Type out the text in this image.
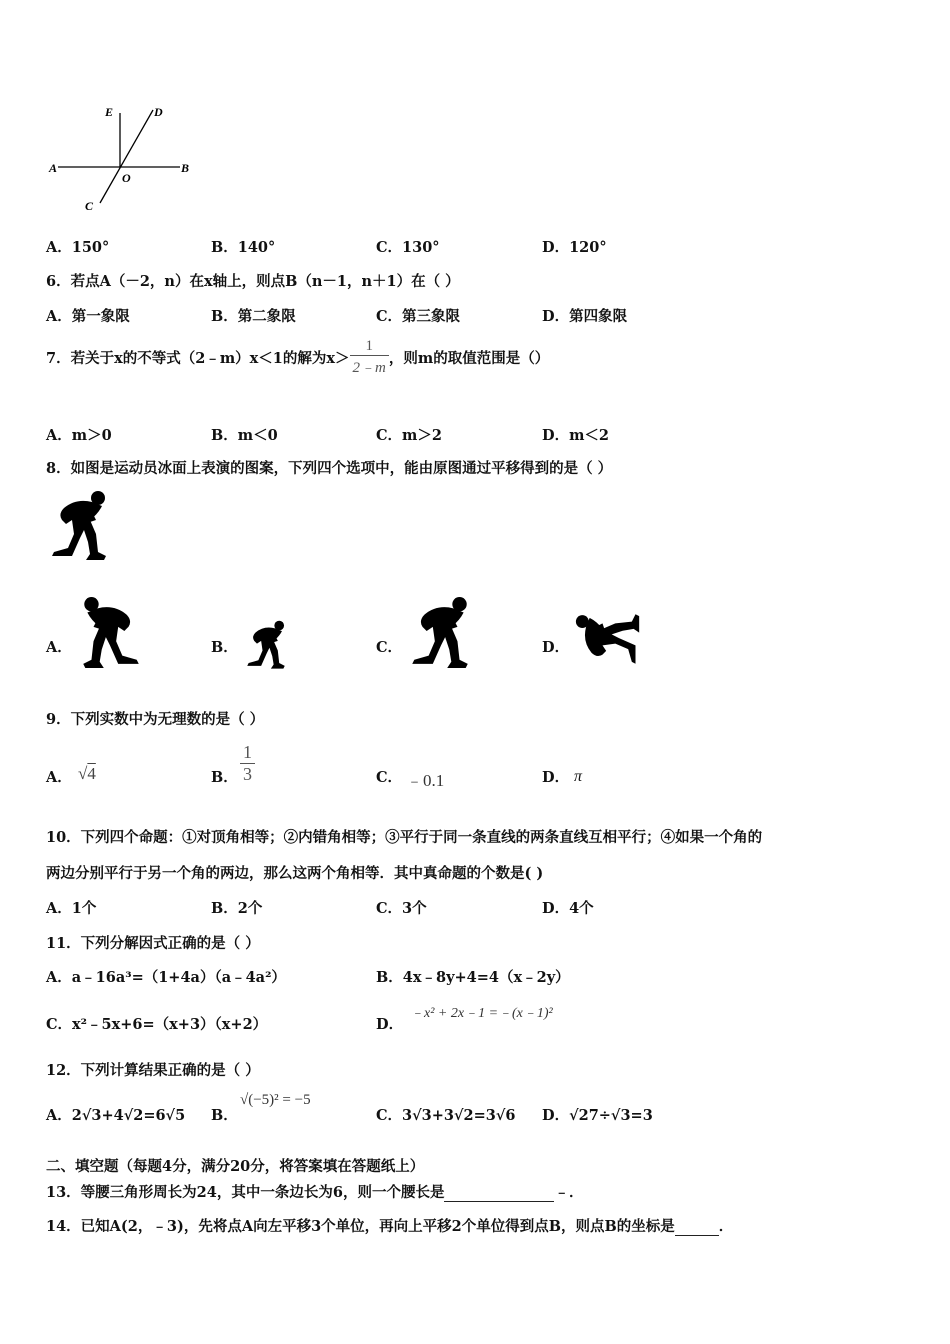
A	B
C
D
E
O
A．150°	B．140°	C．130°	D．120°
6．若点A（－2，n）在x轴上，则点B（n－1，n＋1）在（ ）
A．第一象限	B．第二象限	C．第三象限	D．第四象限
7．若关于x的不等式（2﹣m）x＜1的解为$x> \frac{1}{2﹣m}$ ，则m的取值范围是（）
A．m＞0	B．m＜0	C．m＞2	D．m＜2
8．如图是运动员冰面上表演的图案，下列四个选项中，能由原图通过平移得到的是（ ）
A．	B．	C．	D．
9．下列实数中为无理数的是（ ）
A． √4	B． $\frac{1}{3}$	C． ﹣0.1	D． π
10．下列四个命题：①对顶角相等；②内错角相等；③平行于同一条直线的两条直线互相平行；④如果一个角的
两边分别平行于另一个角的两边，那么这两个角相等．其中真命题的个数是( )
A．1个	B．2个	C．3个	D．4个
11．下列分解因式正确的是（ ）
A．a﹣16a³=（1+4a）（a﹣4a²）	B．4x﹣8y+4=4（x﹣2y）
C．x²﹣5x+6=（x+3）（x+2）	D．
﹣x² + 2x﹣1 =﹣(x﹣1)²
12．下列计算结果正确的是（ ）
A．2√3+4√2=6√5 B．
√(−5)² = −5
C．3√3+3√2=3√6 D．√27÷√3=3
二、填空题（每题4分，满分20分，将答案填在答题纸上）
13．等腰三角形周长为24，其中一条边长为6，则一个腰长是	﹣．
14．已知A(2，﹣3)，先将点A向左平移3个单位，再向上平移2个单位得到点B，则点B的坐标是	．
